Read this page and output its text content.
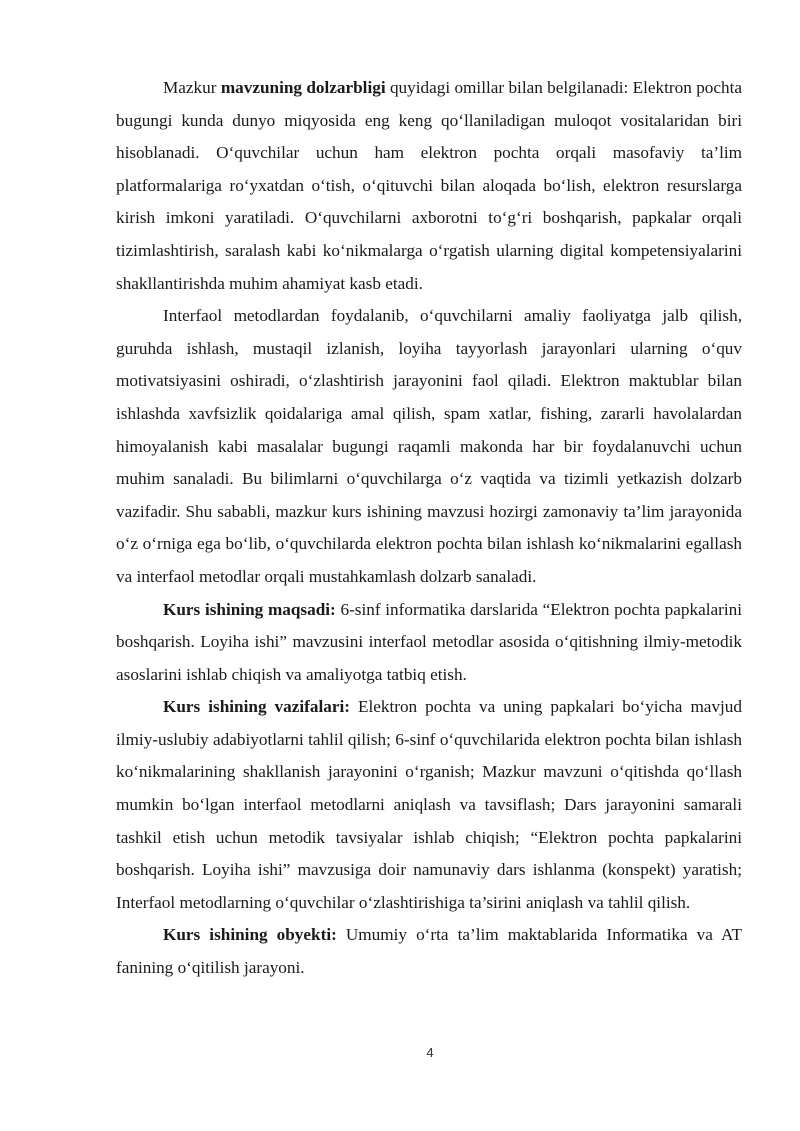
Mazkur mavzuning dolzarbligi quyidagi omillar bilan belgilanadi: Elektron pochta bugungi kunda dunyo miqyosida eng keng qo‘llaniladigan muloqot vositalaridan biri hisoblanadi. O‘quvchilar uchun ham elektron pochta orqali masofaviy ta’lim platformalariga ro‘yxatdan o‘tish, o‘qituvchi bilan aloqada bo‘lish, elektron resurslarga kirish imkoni yaratiladi. O‘quvchilarni axborotni to‘g‘ri boshqarish, papkalar orqali tizimlashtirish, saralash kabi ko‘nikmalarga o‘rgatish ularning digital kompetensiyalarini shakllantirishda muhim ahamiyat kasb etadi.

Interfaol metodlardan foydalanib, o‘quvchilarni amaliy faoliyatga jalb qilish, guruhda ishlash, mustaqil izlanish, loyiha tayyorlash jarayonlari ularning o‘quv motivatsiyasini oshiradi, o‘zlashtirish jarayonini faol qiladi. Elektron maktublar bilan ishlashda xavfsizlik qoidalariga amal qilish, spam xatlar, fishing, zararli havolalardan himoyalanish kabi masalalar bugungi raqamli makonda har bir foydalanuvchi uchun muhim sanaladi. Bu bilimlarni o‘quvchilarga o‘z vaqtida va tizimli yetkazish dolzarb vazifadir. Shu sababli, mazkur kurs ishining mavzusi hozirgi zamonaviy ta’lim jarayonida o‘z o‘rniga ega bo‘lib, o‘quvchilarda elektron pochta bilan ishlash ko‘nikmalarini egallash va interfaol metodlar orqali mustahkamlash dolzarb sanaladi.

Kurs ishining maqsadi: 6-sinf informatika darslarida “Elektron pochta papkalarini boshqarish. Loyiha ishi” mavzusini interfaol metodlar asosida o‘qitishning ilmiy-metodik asoslarini ishlab chiqish va amaliyotga tatbiq etish.

Kurs ishining vazifalari: Elektron pochta va uning papkalari bo‘yicha mavjud ilmiy-uslubiy adabiyotlarni tahlil qilish; 6-sinf o‘quvchilarida elektron pochta bilan ishlash ko‘nikmalarining shakllanish jarayonini o‘rganish; Mazkur mavzuni o‘qitishda qo‘llash mumkin bo‘lgan interfaol metodlarni aniqlash va tavsiflash; Dars jarayonini samarali tashkil etish uchun metodik tavsiyalar ishlab chiqish; “Elektron pochta papkalarini boshqarish. Loyiha ishi” mavzusiga doir namunaviy dars ishlanma (konspekt) yaratish; Interfaol metodlarning o‘quvchilar o‘zlashtirishiga ta’sirini aniqlash va tahlil qilish.

Kurs ishining obyekti: Umumiy o‘rta ta’lim maktablarida Informatika va AT fanining o‘qitilish jarayoni.

4
